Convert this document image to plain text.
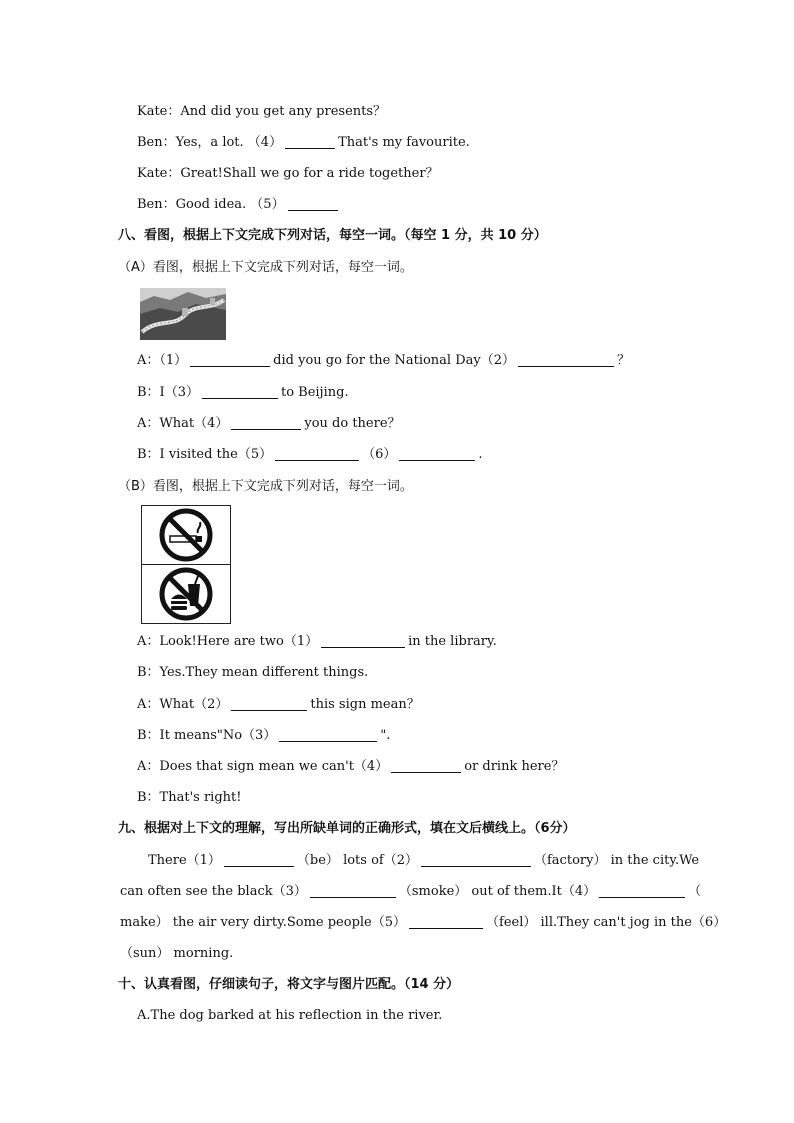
Kate：And did you get any presents？
Ben：Yes，a lot. （4）	That's my favourite.
Kate：Great!Shall we go for a ride together？
Ben：Good idea. （5）
八、看图，根据上下文完成下列对话，每空一词。（每空 1 分，共 10 分）
（A）看图，根据上下文完成下列对话，每空一词。
A：（1）	did you go for the National Day（2）	？
B：I（3）	to Beijing.
A：What（4）	you do there？
B：I visited the（5）	（6）	.
（B）看图，根据上下文完成下列对话，每空一词。
A：Look!Here are two（1）	in the library.
B：Yes.They mean different things.
A：What（2）	this sign mean？
B：It means"No（3）	".
A：Does that sign mean we can't（4）	or drink here？
B：That's right!
九、根据对上下文的理解，写出所缺单词的正确形式，填在文后横线上。（6分）
There（1）	（be） lots of（2）	（factory） in the city.We
can often see the black（3）	（smoke） out of them.It（4）	（
make） the air very dirty.Some people（5）	（feel） ill.They can't jog in the（6）
（sun） morning.
十、认真看图，仔细读句子，将文字与图片匹配。（14 分）
A.The dog barked at his reflection in the river.
